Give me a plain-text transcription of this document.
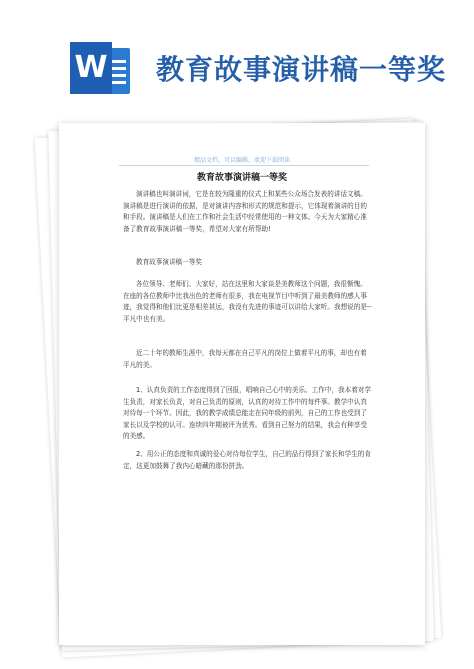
W 教育故事演讲稿一等奖
精品文档，可以编辑，欢迎下载阅读
教育故事演讲稿一等奖

演讲稿也叫演讲词，它是在较为隆重的仪式上和某些公众场合发表的讲话文稿。演讲稿是进行演讲的依据，是对演讲内容和形式的规范和提示，它体现着演讲的目的和手段。演讲稿是人们在工作和社会生活中经常使用的一种文体。今天为大家精心准备了教育故事演讲稿一等奖，希望对大家有所帮助!

教育故事演讲稿一等奖

各位领导、老师们、大家好，站在这里和大家谈是美教师这个问题，我很惭愧。在座的各位教师中比我出色的老师有很多，我在电视节目中听到了最美教师的感人事迹，我觉得和他们比更是相差甚远，我没有先进的事迹可以讲给大家听。我想说的是--平凡中也有美。

近二十年的教师生涯中，我每天都在自己平凡的岗位上做着平凡的事，却也有着平凡的美。

1、认真负责的工作态度得到了回报，唱响自己心中的美乐。工作中，我本着对学生负责，对家长负责，对自己负责的原则，认真的对待工作中的每件事。教学中认真对待每一个环节。因此，我的教学成绩总能走在同年级的前列，自己的工作也受到了家长以及学校的认可。连续四年期被评为优秀。看到自己努力的结果，我会有种享受的美感。

2、用公正的态度和真诚的爱心对待每位学生，自己的品行得到了家长和学生的肯定，这更加鼓舞了我内心暗藏的那份拼劲。
